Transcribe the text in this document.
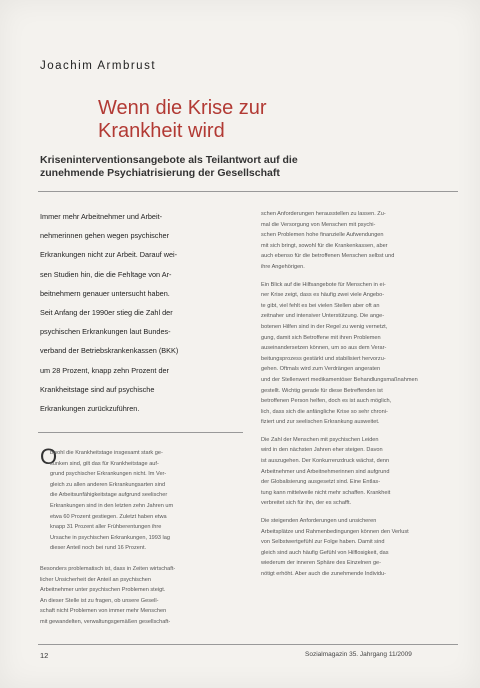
Joachim Armbrust
Wenn die Krise zur
Krankheit wird
Kriseninterventionsangebote als Teilantwort auf die
zunehmende Psychiatrisierung der Gesellschaft
Immer mehr Arbeitnehmer und Arbeit-
nehmerinnen gehen wegen psychischer
Erkrankungen nicht zur Arbeit. Darauf wei-
sen Studien hin, die die Fehltage von Ar-
beitnehmern genauer untersucht haben.
Seit Anfang der 1990er stieg die Zahl der
psychischen Erkrankungen laut Bundes-
verband der Betriebskrankenkassen (BKK)
um 28 Prozent, knapp zehn Prozent der
Krankheitstage sind auf psychische
Erkrankungen zurückzuführen.
O
bwohl die Krankheitstage insgesamt stark ge-
sunken sind, gilt das für Krankheitstage auf-
grund psychischer Erkrankungen nicht. Im Ver-
gleich zu allen anderen Erkrankungsarten sind
die Arbeitsunfähigkeitstage aufgrund seelischer
Erkrankungen sind in den letzten zehn Jahren um
etwa 60 Prozent gestiegen. Zuletzt haben etwa
knapp 31 Prozent aller Frühberentungen ihre
Ursache in psychischen Erkrankungen, 1993 lag
dieser Anteil noch bei rund 16 Prozent.
Besonders problematisch ist, dass in Zeiten wirtschaft-
licher Unsicherheit der Anteil an psychischen
Arbeitnehmer unter psychischen Problemen steigt.
An dieser Stelle ist zu fragen, ob unsere Gesell-
schaft nicht Problemen von immer mehr Menschen
mit gewandelten, verwaltungsgemäßen gesellschaft-
schen Anforderungen herausstellen zu lassen. Zu-
mal die Versorgung von Menschen mit psychi-
schen Problemen hohe finanzielle Aufwendungen
mit sich bringt, sowohl für die Krankenkassen, aber
auch ebenso für die betroffenen Menschen selbst und
ihre Angehörigen.
Ein Blick auf die Hilfsangebote für Menschen in ei-
ner Krise zeigt, dass es häufig zwei viele Angebo-
te gibt, viel fehlt es bei vielen Stellen aber oft an
zeitnaher und intensiver Unterstützung. Die ange-
botenen Hilfen sind in der Regel zu wenig vernetzt,
gung, damit sich Betroffene mit ihren Problemen
auseinandersetzen können, um so aus dem Verar-
beitungsprozess gestärkt und stabilisiert hervorzu-
gehen. Oftmals wird zum Verdrängen angeraten
und der Stellenwert medikamentöser Behandlungsmaßnahmen
gestellt. Wichtig gerade für diese Betreffenden ist
betroffenen Person helfen, doch es ist auch möglich,
lich, dass sich die anfängliche Krise so sehr chroni-
fiziert und zur seelischen Erkrankung ausweitet.
Die Zahl der Menschen mit psychischen Leiden
wird in den nächsten Jahren eher steigen. Davon
ist auszugehen. Der Konkurrenzdruck wächst, denn
Arbeitnehmer und Arbeitnehmerinnen sind aufgrund
der Globalisierung ausgesetzt sind. Eine Entlas-
tung kann mittelweile nicht mehr schaffen. Krankheit
verbreitet sich für ihn, der es schafft.
Die steigenden Anforderungen und unsicheren
Arbeitsplätze und Rahmenbedingungen können den Verlust
von Selbstwertgefühl zur Folge haben. Damit sind
gleich sind auch häufig Gefühl von Hilflosigkeit, das
wiederum der inneren Sphäre des Einzelnen ge-
nötigt erhöht. Aber auch die zunehmende Individu-
12	Sozialmagazin 35. Jahrgang 11/2009
